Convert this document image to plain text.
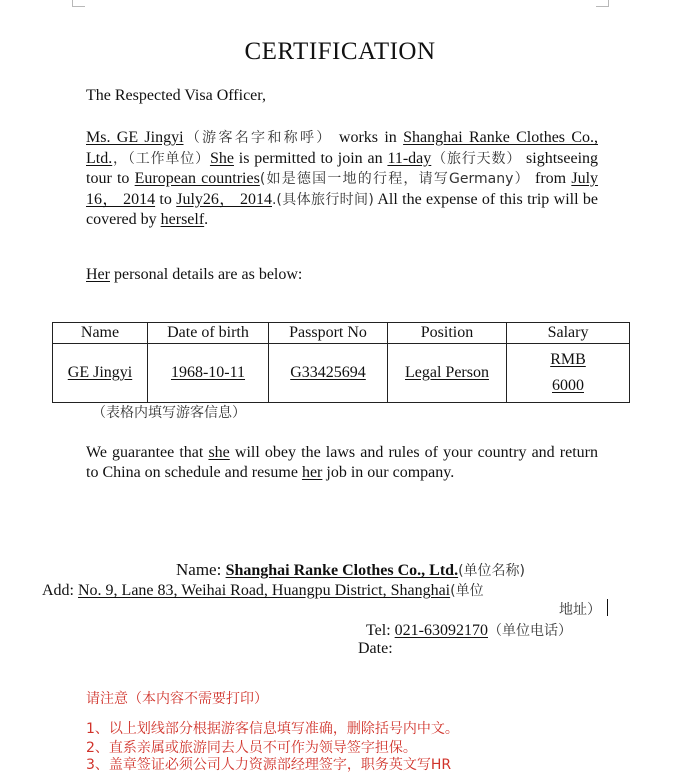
CERTIFICATION
The Respected Visa Officer,
Ms. GE Jingyi（游客名字和称呼） works in Shanghai Ranke Clothes Co., Ltd.，（工作单位）She is permitted to join an 11-day（旅行天数） sightseeing tour to European countries(如是德国一地的行程，请写Germany） from July 16， 2014 to July26， 2014.(具体旅行时间) All the expense of this trip will be covered by herself.
Her personal details are as below:
Name	Date of birth	Passport No	Position	Salary
GE Jingyi	1968-10-11	G33425694	Legal Person	RMB
6000
（表格内填写游客信息）
We guarantee that she will obey the laws and rules of your country and return to China on schedule and resume her job in our company.
Name: Shanghai Ranke Clothes Co., Ltd.(单位名称)
Add: No. 9, Lane 83, Weihai Road, Huangpu District, Shanghai(单位
地址）
Tel: 021-63092170（单位电话）
Date:
请注意（本内容不需要打印）
1、以上划线部分根据游客信息填写准确，删除括号内中文。
2、直系亲属或旅游同去人员不可作为领导签字担保。
3、盖章签证必须公司人力资源部经理签字，职务英文写HR
